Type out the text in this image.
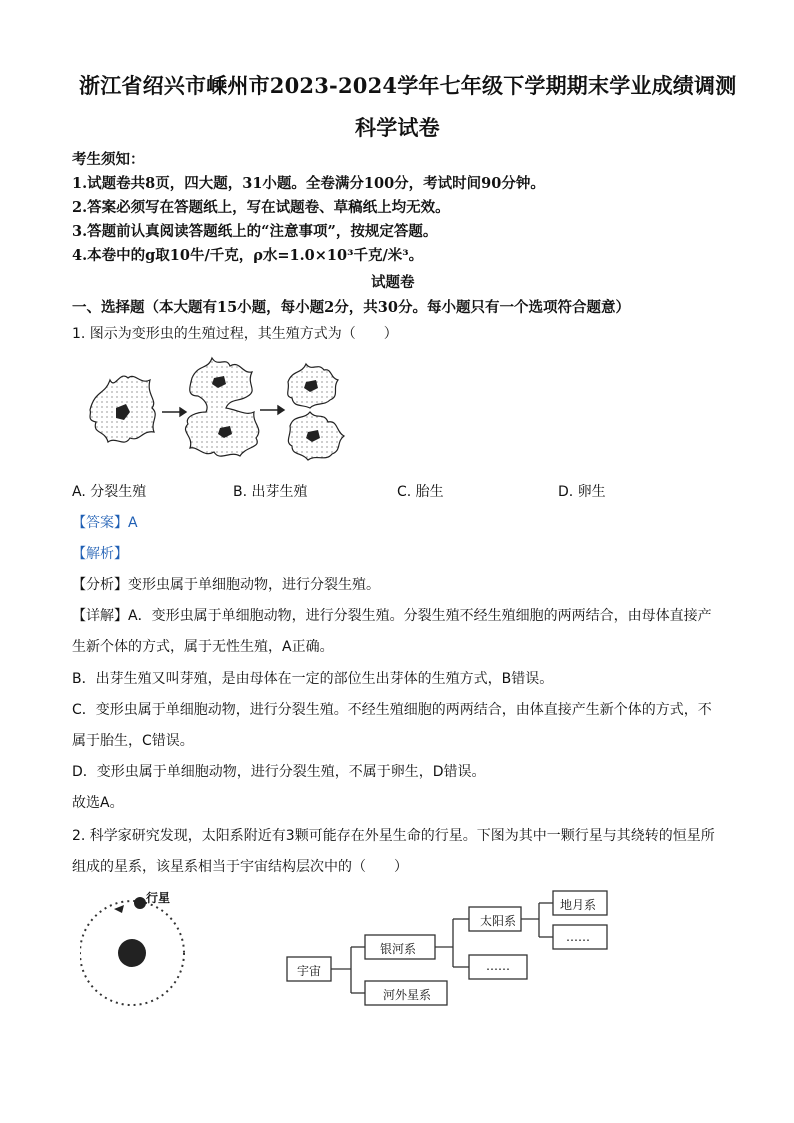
浙江省绍兴市嵊州市2023-2024学年七年级下学期期末学业成绩调测
科学试卷
考生须知：
1.试题卷共8页，四大题，31小题。全卷满分100分，考试时间90分钟。
2.答案必须写在答题纸上，写在试题卷、草稿纸上均无效。
3.答题前认真阅读答题纸上的“注意事项”，按规定答题。
4.本卷中的g取10牛/千克，ρ水=1.0×10³千克/米³。
试题卷
一、选择题（本大题有15小题，每小题2分，共30分。每小题只有一个选项符合题意）
1. 图示为变形虫的生殖过程，其生殖方式为（　　）
A. 分裂生殖	B. 出芽生殖	C. 胎生	D. 卵生
【答案】A
【解析】
【分析】变形虫属于单细胞动物，进行分裂生殖。
【详解】A．变形虫属于单细胞动物，进行分裂生殖。分裂生殖不经生殖细胞的两两结合，由母体直接产
生新个体的方式，属于无性生殖，A正确。
B．出芽生殖又叫芽殖，是由母体在一定的部位生出芽体的生殖方式，B错误。
C．变形虫属于单细胞动物，进行分裂生殖。不经生殖细胞的两两结合，由体直接产生新个体的方式，不
属于胎生，C错误。
D．变形虫属于单细胞动物，进行分裂生殖，不属于卵生，D错误。
故选A。
2. 科学家研究发现，太阳系附近有3颗可能存在外星生命的行星。下图为其中一颗行星与其绕转的恒星所
组成的星系，该星系相当于宇宙结构层次中的（　　）
行星
宇宙
银河系
河外星系
太阳系
……
地月系
……
